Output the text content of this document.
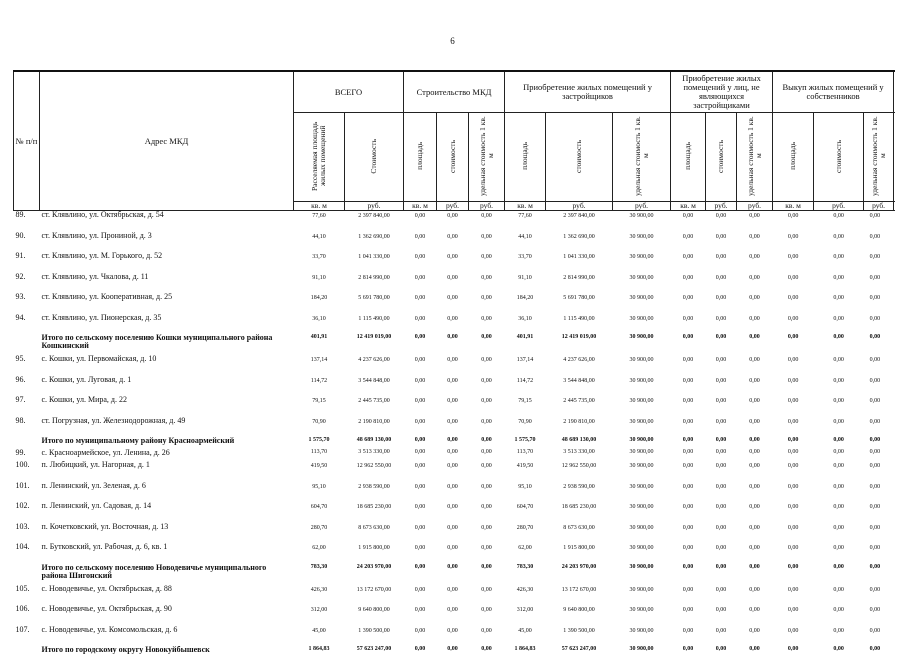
6
№ п/п	Адрес МКД	ВСЕГО		Строительство МКД			Приобретение жилых помещений у застройщиков			Приобретение жилых помещений у лиц, не являющихся застройщиками			Выкуп жилых помещений у собственников		
		Расселяемая площадь жилых помещений	Стоимость	площадь	стоимость	удельная стоимость 1 кв. м	площадь	стоимость	удельная стоимость 1 кв. м	площадь	стоимость	удельная стоимость 1 кв. м	площадь	стоимость	удельная стоимость 1 кв. м
		кв. м	руб.	кв. м	руб.	руб.	кв. м	руб.	руб.	кв. м	руб.	руб.	кв. м	руб.	руб.
89.	ст. Клявлино, ул. Октябрьская, д. 54	77,60	2 397 840,00	0,00	0,00	0,00	77,60	2 397 840,00	30 900,00	0,00	0,00	0,00	0,00	0,00	0,00
90.	ст. Клявлино, ул. Прониной, д. 3	44,10	1 362 690,00	0,00	0,00	0,00	44,10	1 362 690,00	30 900,00	0,00	0,00	0,00	0,00	0,00	0,00
91.	ст. Клявлино, ул. М. Горького, д. 52	33,70	1 041 330,00	0,00	0,00	0,00	33,70	1 041 330,00	30 900,00	0,00	0,00	0,00	0,00	0,00	0,00
92.	ст. Клявлино, ул. Чкалова, д. 11	91,10	2 814 990,00	0,00	0,00	0,00	91,10	2 814 990,00	30 900,00	0,00	0,00	0,00	0,00	0,00	0,00
93.	ст. Клявлино, ул. Кооперативная, д. 25	184,20	5 691 780,00	0,00	0,00	0,00	184,20	5 691 780,00	30 900,00	0,00	0,00	0,00	0,00	0,00	0,00
94.	ст. Клявлино, ул. Пионерская, д. 35	36,10	1 115 490,00	0,00	0,00	0,00	36,10	1 115 490,00	30 900,00	0,00	0,00	0,00	0,00	0,00	0,00
	Итого по сельскому поселению Кошки муниципального района Кошкинский	401,91	12 419 019,00	0,00	0,00	0,00	401,91	12 419 019,00	30 900,00	0,00	0,00	0,00	0,00	0,00	0,00
95.	с. Кошки, ул. Первомайская, д. 10	137,14	4 237 626,00	0,00	0,00	0,00	137,14	4 237 626,00	30 900,00	0,00	0,00	0,00	0,00	0,00	0,00
96.	с. Кошки, ул. Луговая, д. 1	114,72	3 544 848,00	0,00	0,00	0,00	114,72	3 544 848,00	30 900,00	0,00	0,00	0,00	0,00	0,00	0,00
97.	с. Кошки, ул. Мира, д. 22	79,15	2 445 735,00	0,00	0,00	0,00	79,15	2 445 735,00	30 900,00	0,00	0,00	0,00	0,00	0,00	0,00
98.	ст. Погрузная, ул. Железнодорожная, д. 49	70,90	2 190 810,00	0,00	0,00	0,00	70,90	2 190 810,00	30 900,00	0,00	0,00	0,00	0,00	0,00	0,00
	Итого по муниципальному району Красноармейский	1 575,70	48 689 130,00	0,00	0,00	0,00	1 575,70	48 689 130,00	30 900,00	0,00	0,00	0,00	0,00	0,00	0,00
99.	с. Красноармейское, ул. Ленина, д. 26	113,70	3 513 330,00	0,00	0,00	0,00	113,70	3 513 330,00	30 900,00	0,00	0,00	0,00	0,00	0,00	0,00
100.	п. Любицкий, ул. Нагорная, д. 1	419,50	12 962 550,00	0,00	0,00	0,00	419,50	12 962 550,00	30 900,00	0,00	0,00	0,00	0,00	0,00	0,00
101.	п. Ленинский, ул. Зеленая, д. 6	95,10	2 938 590,00	0,00	0,00	0,00	95,10	2 938 590,00	30 900,00	0,00	0,00	0,00	0,00	0,00	0,00
102.	п. Ленинский, ул. Садовая, д. 14	604,70	18 685 230,00	0,00	0,00	0,00	604,70	18 685 230,00	30 900,00	0,00	0,00	0,00	0,00	0,00	0,00
103.	п. Кочетковский, ул. Восточная, д. 13	280,70	8 673 630,00	0,00	0,00	0,00	280,70	8 673 630,00	30 900,00	0,00	0,00	0,00	0,00	0,00	0,00
104.	п. Бутковский, ул. Рабочая, д. 6, кв. 1	62,00	1 915 800,00	0,00	0,00	0,00	62,00	1 915 800,00	30 900,00	0,00	0,00	0,00	0,00	0,00	0,00
	Итого по сельскому поселению Новодевичье муниципального района Шигонский	783,30	24 203 970,00	0,00	0,00	0,00	783,30	24 203 970,00	30 900,00	0,00	0,00	0,00	0,00	0,00	0,00
105.	с. Новодевичье, ул. Октябрьская, д. 88	426,30	13 172 670,00	0,00	0,00	0,00	426,30	13 172 670,00	30 900,00	0,00	0,00	0,00	0,00	0,00	0,00
106.	с. Новодевичье, ул. Октябрьская, д. 90	312,00	9 640 800,00	0,00	0,00	0,00	312,00	9 640 800,00	30 900,00	0,00	0,00	0,00	0,00	0,00	0,00
107.	с. Новодевичье, ул. Комсомольская, д. 6	45,00	1 390 500,00	0,00	0,00	0,00	45,00	1 390 500,00	30 900,00	0,00	0,00	0,00	0,00	0,00	0,00
	Итого по городскому округу Новокуйбышевск	1 864,83	57 623 247,00	0,00	0,00	0,00	1 864,83	57 623 247,00	30 900,00	0,00	0,00	0,00	0,00	0,00	0,00
